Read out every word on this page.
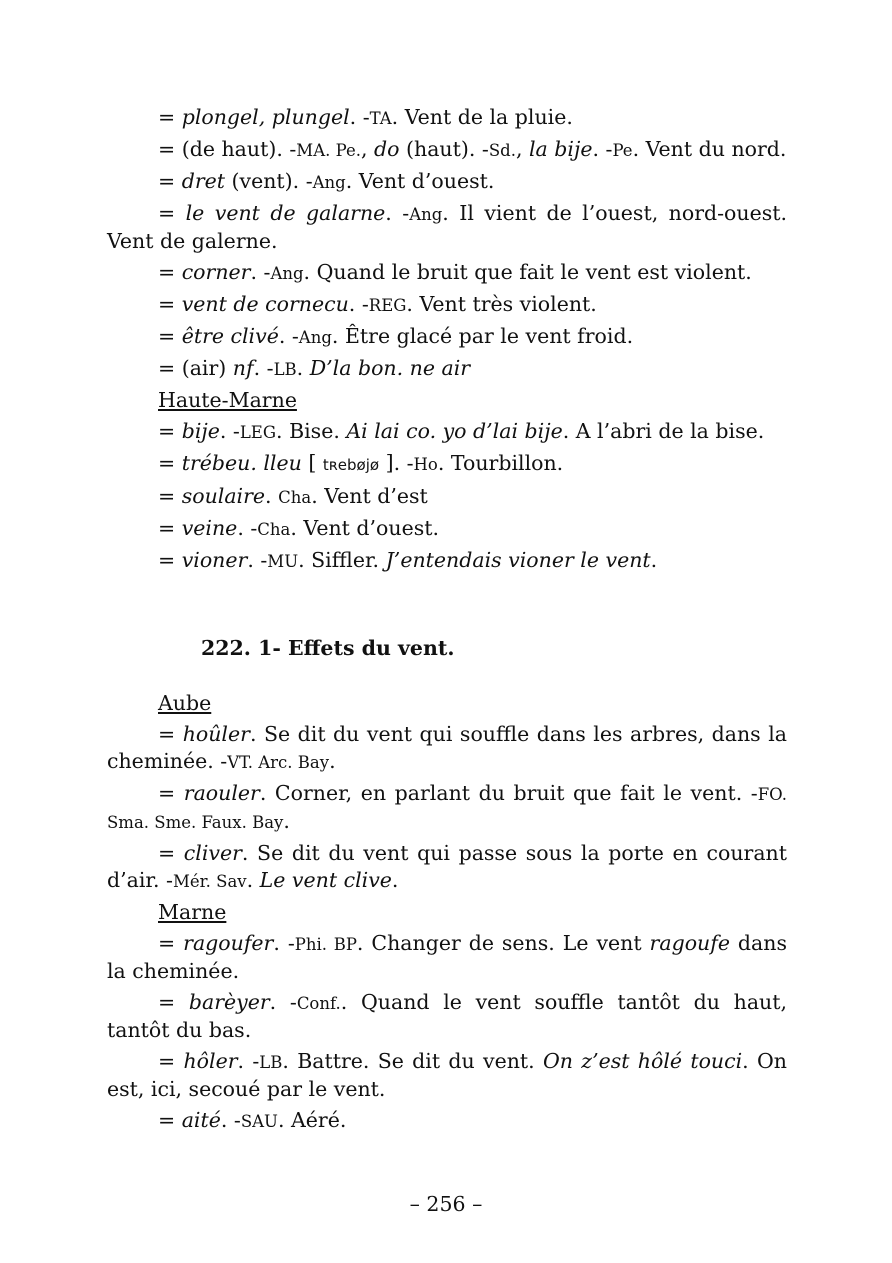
= plongel, plungel. -TA. Vent de la pluie.

= (de haut). -MA. Pe., do (haut). -Sd., la bije. -Pe. Vent du nord.

= dret (vent). -Ang. Vent d’ouest.

= le vent de galarne. -Ang. Il vient de l’ouest, nord-ouest. Vent de galerne.

= corner. -Ang. Quand le bruit que fait le vent est violent.

= vent de cornecu. -REG. Vent très violent.

= être clivé. -Ang. Être glacé par le vent froid.

= (air) nf. -LB. D’la bon. ne air

Haute-Marne

= bije. -LEG. Bise. Ai lai co. yo d’lai bije. A l’abri de la bise.

= trébeu. lleu [ tʀebøjø ]. -Ho. Tourbillon.

= soulaire. Cha. Vent d’est

= veine. -Cha. Vent d’ouest.

= vioner. -MU. Siffler. J’entendais vioner le vent.

222. 1- Effets du vent.
Aube

= hoûler. Se dit du vent qui souffle dans les arbres, dans la cheminée. -VT. Arc. Bay.

= raouler. Corner, en parlant du bruit que fait le vent. -FO. Sma. Sme. Faux. Bay.

= cliver. Se dit du vent qui passe sous la porte en courant d’air. -Mér. Sav. Le vent clive.

Marne

= ragoufer. -Phi. BP. Changer de sens. Le vent ragoufe dans la cheminée.

= barèyer. -Conf.. Quand le vent souffle tantôt du haut, tantôt du bas.

= hôler. -LB. Battre. Se dit du vent. On z’est hôlé touci. On est, ici, secoué par le vent.

= aité. -SAU. Aéré.

– 256 –
